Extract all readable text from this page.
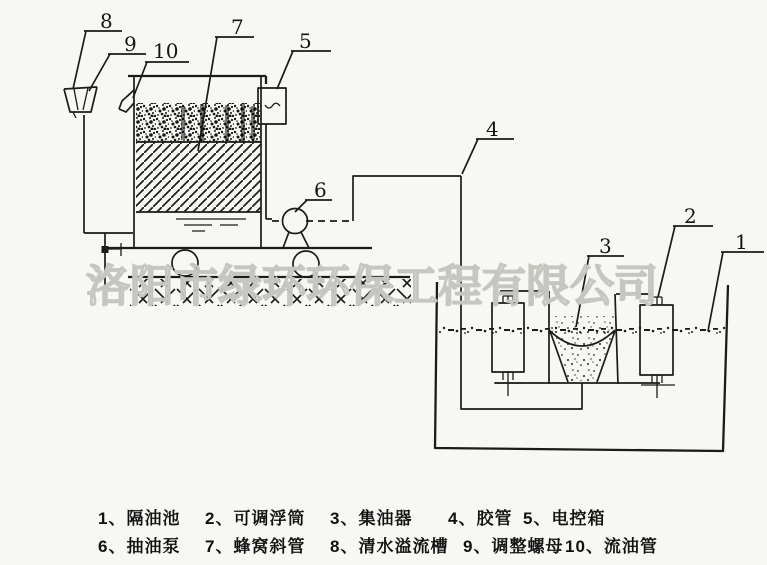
8
9 10
7
5
6
4
3
2
1
1、隔油池 2、可调浮筒 3、集油器 4、胶管 5、电控箱
6、抽油泵 7、蜂窝斜管 8、清水溢流槽 9、调整螺母 10、流油管
